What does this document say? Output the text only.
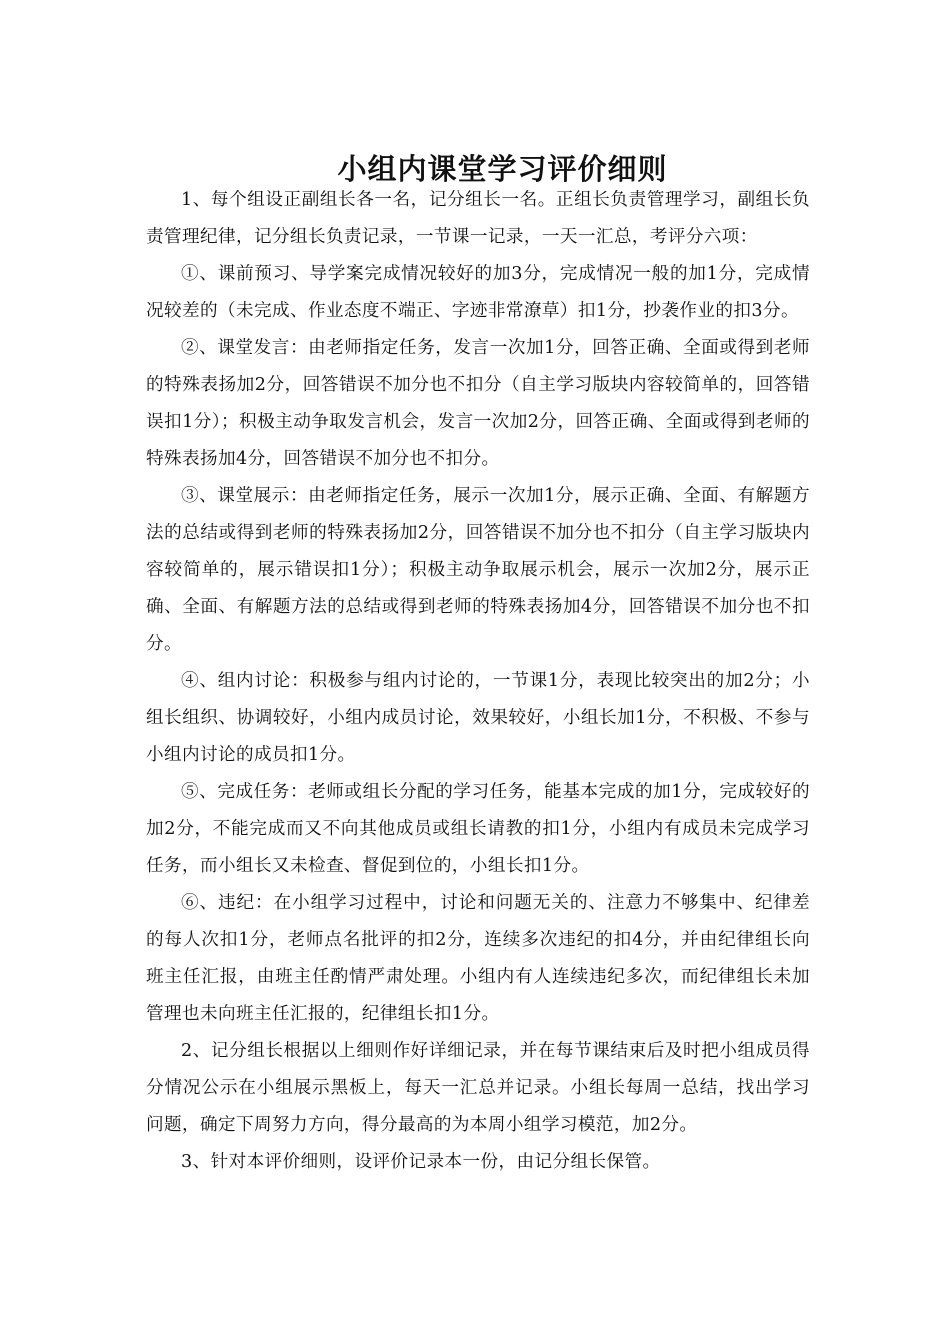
小组内课堂学习评价细则

1、每个组设正副组长各一名，记分组长一名。正组长负责管理学习，副组长负责管理纪律，记分组长负责记录，一节课一记录，一天一汇总，考评分六项：

①、课前预习、导学案完成情况较好的加3分，完成情况一般的加1分，完成情况较差的（未完成、作业态度不端正、字迹非常潦草）扣1分，抄袭作业的扣3分。

②、课堂发言：由老师指定任务，发言一次加1分，回答正确、全面或得到老师的特殊表扬加2分，回答错误不加分也不扣分（自主学习版块内容较简单的，回答错误扣1分）；积极主动争取发言机会，发言一次加2分，回答正确、全面或得到老师的特殊表扬加4分，回答错误不加分也不扣分。

③、课堂展示：由老师指定任务，展示一次加1分，展示正确、全面、有解题方法的总结或得到老师的特殊表扬加2分，回答错误不加分也不扣分（自主学习版块内容较简单的，展示错误扣1分）；积极主动争取展示机会，展示一次加2分，展示正确、全面、有解题方法的总结或得到老师的特殊表扬加4分，回答错误不加分也不扣分。

④、组内讨论：积极参与组内讨论的，一节课1分，表现比较突出的加2分；小组长组织、协调较好，小组内成员讨论，效果较好，小组长加1分，不积极、不参与小组内讨论的成员扣1分。

⑤、完成任务：老师或组长分配的学习任务，能基本完成的加1分，完成较好的加2分，不能完成而又不向其他成员或组长请教的扣1分，小组内有成员未完成学习任务，而小组长又未检查、督促到位的，小组长扣1分。

⑥、违纪：在小组学习过程中，讨论和问题无关的、注意力不够集中、纪律差的每人次扣1分，老师点名批评的扣2分，连续多次违纪的扣4分，并由纪律组长向班主任汇报，由班主任酌情严肃处理。小组内有人连续违纪多次，而纪律组长未加管理也未向班主任汇报的，纪律组长扣1分。

2、记分组长根据以上细则作好详细记录，并在每节课结束后及时把小组成员得分情况公示在小组展示黑板上，每天一汇总并记录。小组长每周一总结，找出学习问题，确定下周努力方向，得分最高的为本周小组学习模范，加2分。

3、针对本评价细则，设评价记录本一份，由记分组长保管。
